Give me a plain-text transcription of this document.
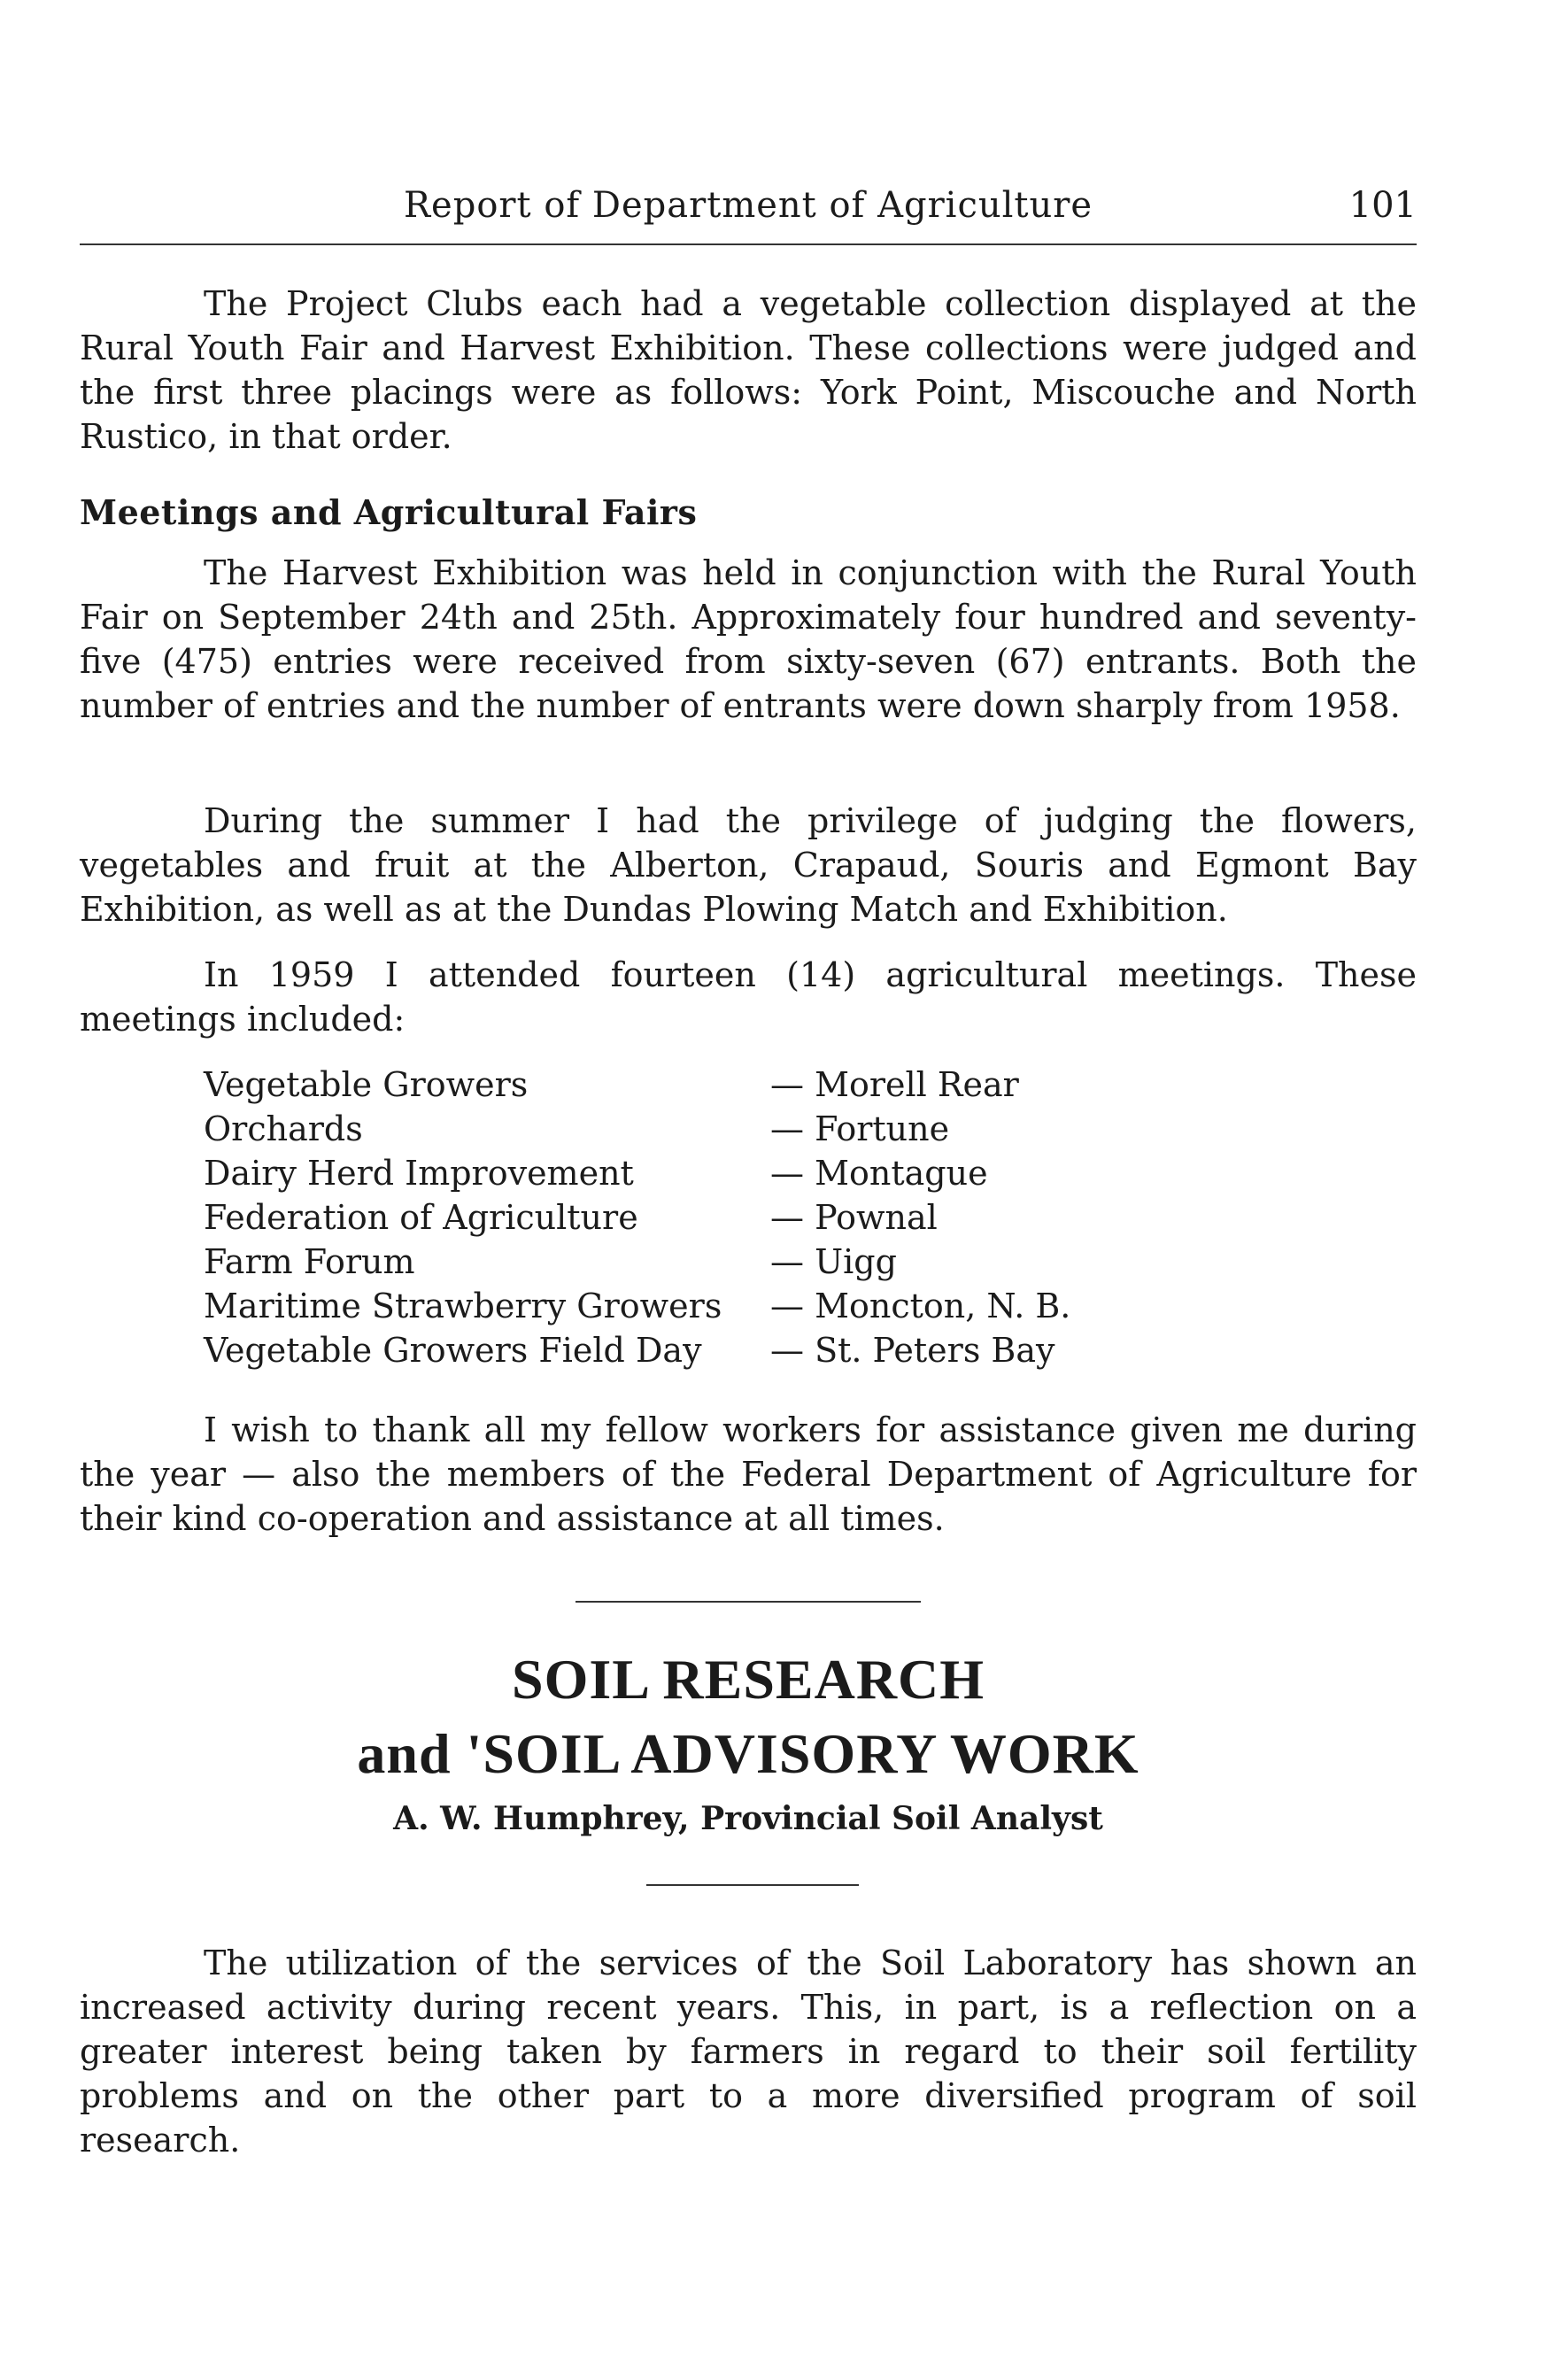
Report of Department of Agriculture	101

The Project Clubs each had a vegetable collection displayed at the Rural Youth Fair and Harvest Exhibition. These collections were judged and the first three placings were as follows: York Point, Miscouche and North Rustico, in that order.

Meetings and Agricultural Fairs

The Harvest Exhibition was held in conjunction with the Rural Youth Fair on September 24th and 25th. Approximately four hundred and seventy-five (475) entries were received from sixty-seven (67) entrants. Both the number of entries and the number of entrants were down sharply from 1958.

During the summer I had the privilege of judging the flowers, vegetables and fruit at the Alberton, Crapaud, Souris and Egmont Bay Exhibition, as well as at the Dundas Plowing Match and Exhibition.

In 1959 I attended fourteen (14) agricultural meetings. These meetings included:

Vegetable Growers	— Morell Rear
Orchards	— Fortune
Dairy Herd Improvement	— Montague
Federation of Agriculture	— Pownal
Farm Forum	— Uigg
Maritime Strawberry Growers	— Moncton, N. B.
Vegetable Growers Field Day	— St. Peters Bay

I wish to thank all my fellow workers for assistance given me during the year — also the members of the Federal Department of Agriculture for their kind co-operation and assistance at all times.

SOIL RESEARCH
and 'SOIL ADVISORY WORK
A. W. Humphrey, Provincial Soil Analyst

The utilization of the services of the Soil Laboratory has shown an increased activity during recent years. This, in part, is a reflection on a greater interest being taken by farmers in regard to their soil fertility problems and on the other part to a more diversified program of soil research.
